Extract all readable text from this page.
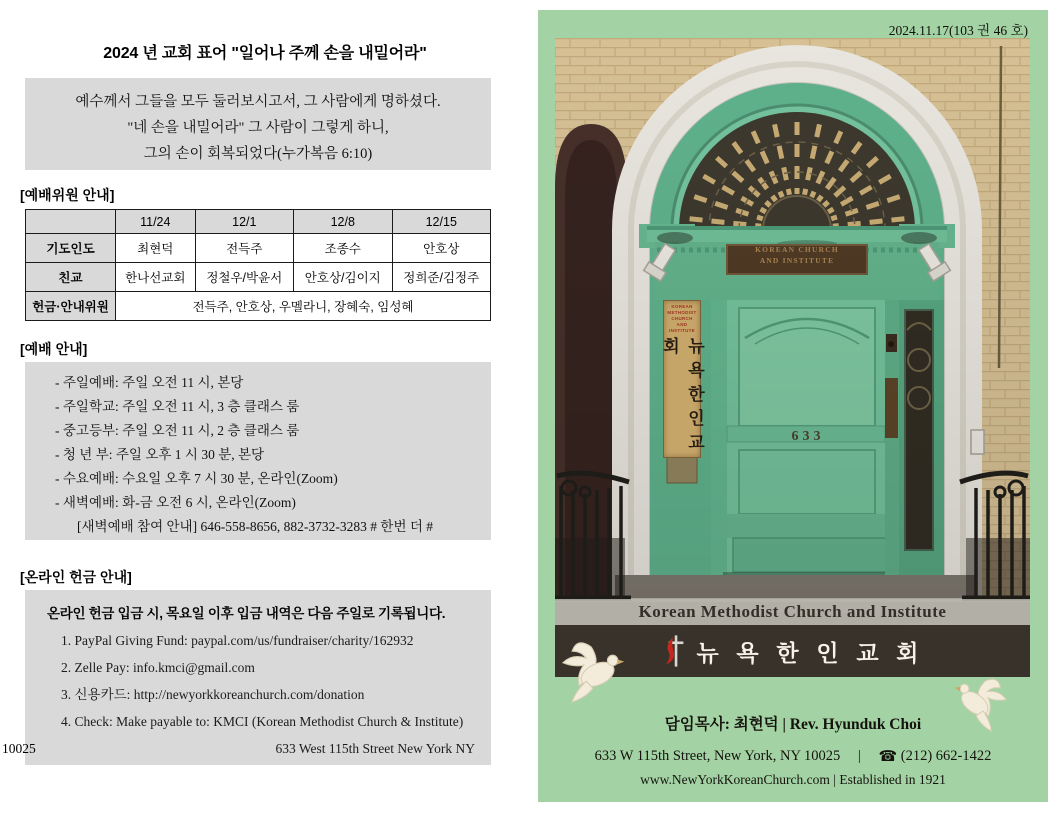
2024 년 교회 표어 "일어나 주께 손을 내밀어라"
예수께서 그들을 모두 둘러보시고서, 그 사람에게 명하셨다.
"네 손을 내밀어라" 그 사람이 그렇게 하니,
그의 손이 회복되었다(누가복음 6:10)
[예배위원 안내]
	11/24	12/1	12/8	12/15
기도인도	최현덕	전득주	조종수	안호상
친교	한나선교회	정철우/박윤서	안호상/김이지	정희준/김정주
헌금·안내위원	전득주, 안호상, 우멜라니, 장혜숙, 임성혜			
[예배 안내]
- 주일예배: 주일 오전 11 시, 본당
- 주일학교: 주일 오전 11 시, 3 층 클래스 룸
- 중고등부: 주일 오전 11 시, 2 층 클래스 룸
- 청 년 부: 주일 오후 1 시 30 분, 본당
- 수요예배: 수요일 오후 7 시 30 분, 온라인(Zoom)
- 새벽예배: 화-금 오전 6 시, 온라인(Zoom)
[새벽예배 참여 안내] 646-558-8656, 882-3732-3283 # 한번 더 #
[온라인 헌금 안내]
온라인 헌금 입금 시, 목요일 이후 입금 내역은 다음 주일로 기록됩니다.
1. PayPal Giving Fund: paypal.com/us/fundraiser/charity/162932
2. Zelle Pay: info.kmci@gmail.com
3. 신용카드: http://newyorkkoreanchurch.com/donation
4. Check: Make payable to: KMCI (Korean Methodist Church & Institute)
633 West 115th Street New York NY
10025
2024.11.17(103 권 46 호)
KOREAN CHURCH AND INSTITUTE
KOREAN METHODIST CHURCH AND INSTITUTE
뉴욕한인교회
633
Korean Methodist Church and Institute
뉴 욕 한 인 교 회
담임목사: 최현덕 | Rev. Hyunduk Choi
633 W 115th Street, New York, NY 10025 | ☎ (212) 662-1422
www.NewYorkKoreanChurch.com | Established in 1921
